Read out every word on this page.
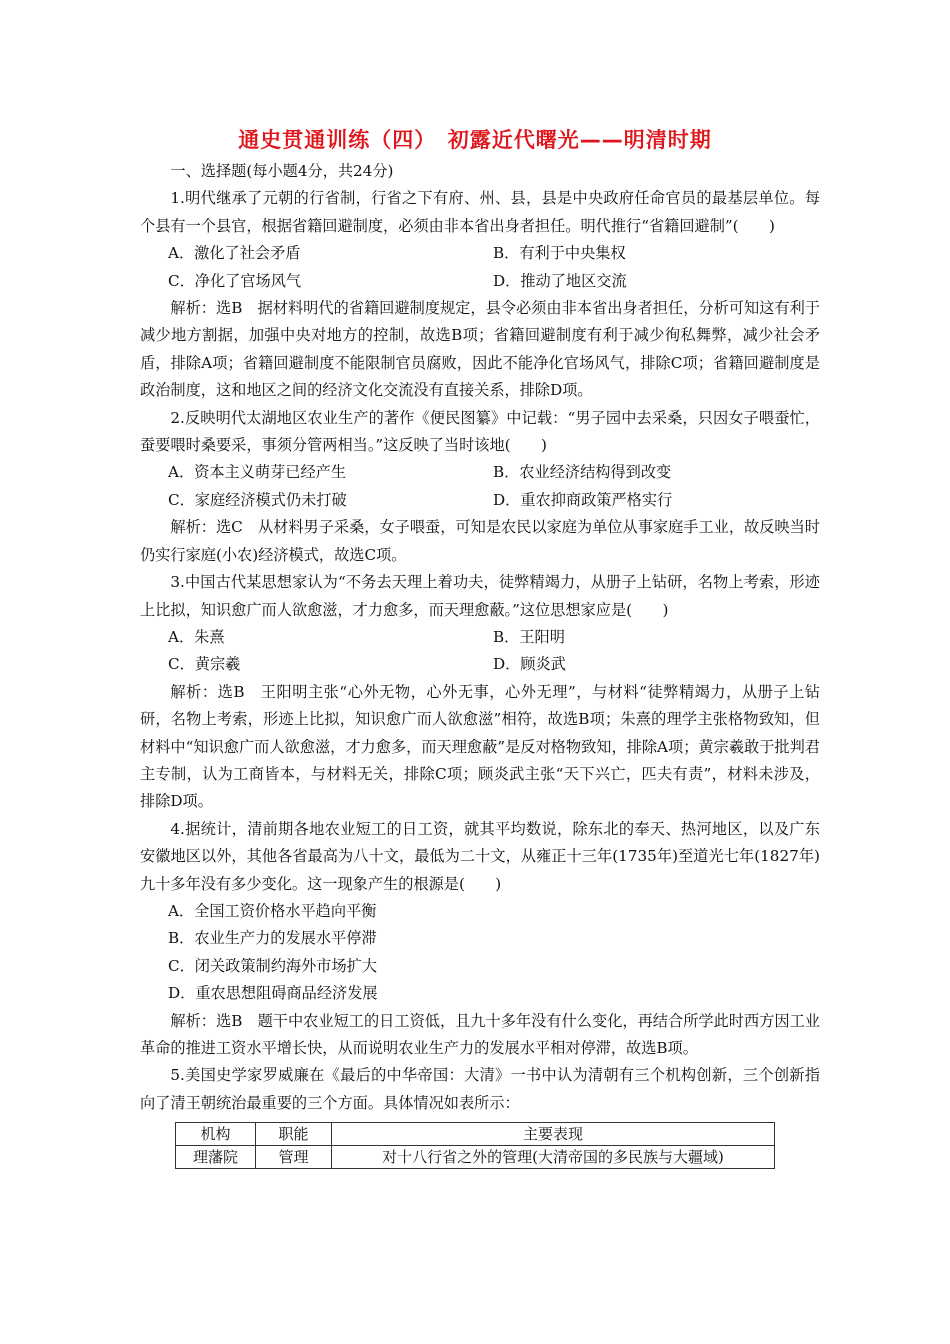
通史贯通训练（四）　初露近代曙光——明清时期
一、选择题(每小题4分，共24分)
1.明代继承了元朝的行省制，行省之下有府、州、县，县是中央政府任命官员的最基层单位。每个县有一个县官，根据省籍回避制度，必须由非本省出身者担任。明代推行“省籍回避制”(　　)
A．激化了社会矛盾	B．有利于中央集权
C．净化了官场风气	D．推动了地区交流
解析：选B　据材料明代的省籍回避制度规定，县令必须由非本省出身者担任，分析可知这有利于减少地方割据，加强中央对地方的控制，故选B项；省籍回避制度有利于减少徇私舞弊，减少社会矛盾，排除A项；省籍回避制度不能限制官员腐败，因此不能净化官场风气，排除C项；省籍回避制度是政治制度，这和地区之间的经济文化交流没有直接关系，排除D项。
2.反映明代太湖地区农业生产的著作《便民图纂》中记载：“男子园中去采桑，只因女子喂蚕忙，蚕要喂时桑要采，事须分管两相当。”这反映了当时该地(　　)
A．资本主义萌芽已经产生	B．农业经济结构得到改变
C．家庭经济模式仍未打破	D．重农抑商政策严格实行
解析：选C　从材料男子采桑，女子喂蚕，可知是农民以家庭为单位从事家庭手工业，故反映当时仍实行家庭(小农)经济模式，故选C项。
3.中国古代某思想家认为“不务去天理上着功夫，徒弊精竭力，从册子上钻研，名物上考索，形迹上比拟，知识愈广而人欲愈滋，才力愈多，而天理愈蔽。”这位思想家应是(　　)
A．朱熹	B．王阳明
C．黄宗羲	D．顾炎武
解析：选B　王阳明主张“心外无物，心外无事，心外无理”，与材料“徒弊精竭力，从册子上钻研，名物上考索，形迹上比拟，知识愈广而人欲愈滋”相符，故选B项；朱熹的理学主张格物致知，但材料中“知识愈广而人欲愈滋，才力愈多，而天理愈蔽”是反对格物致知，排除A项；黄宗羲敢于批判君主专制，认为工商皆本，与材料无关，排除C项；顾炎武主张“天下兴亡，匹夫有责”，材料未涉及，排除D项。
4.据统计，清前期各地农业短工的日工资，就其平均数说，除东北的奉天、热河地区，以及广东安徽地区以外，其他各省最高为八十文，最低为二十文，从雍正十三年(1735年)至道光七年(1827年)九十多年没有多少变化。这一现象产生的根源是(　　)
A．全国工资价格水平趋向平衡
B．农业生产力的发展水平停滞
C．闭关政策制约海外市场扩大
D．重农思想阻碍商品经济发展
解析：选B　题干中农业短工的日工资低，且九十多年没有什么变化，再结合所学此时西方因工业革命的推进工资水平增长快，从而说明农业生产力的发展水平相对停滞，故选B项。
5.美国史学家罗威廉在《最后的中华帝国：大清》一书中认为清朝有三个机构创新，三个创新指向了清王朝统治最重要的三个方面。具体情况如表所示：
机构	职能	主要表现
理藩院	管理	对十八行省之外的管理(大清帝国的多民族与大疆域)
